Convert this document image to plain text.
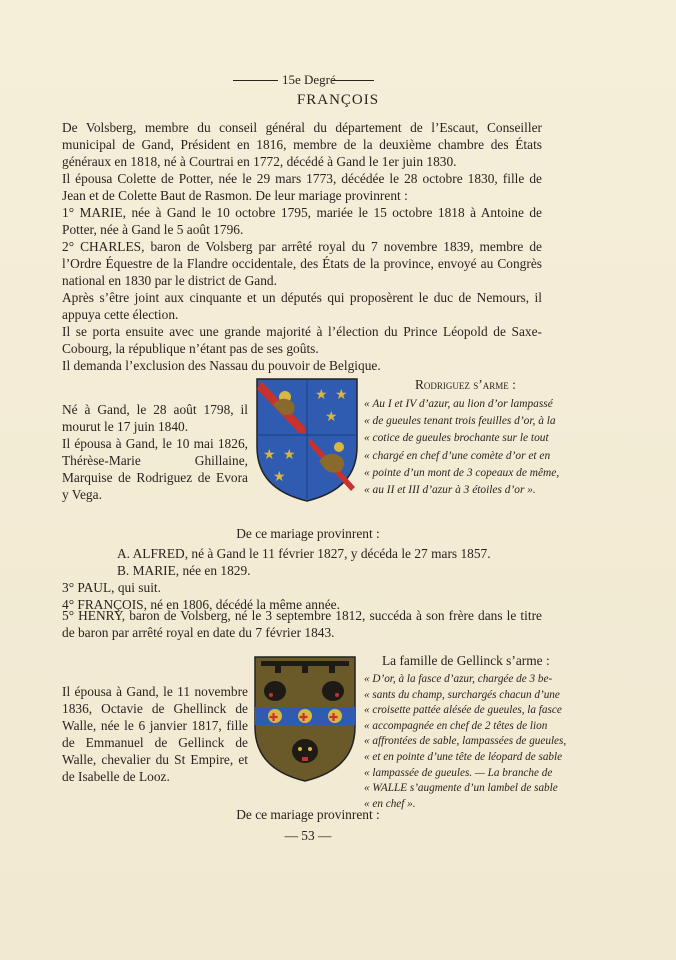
15e Degré
FRANÇOIS
De Volsberg, membre du conseil général du département de l’Escaut, Conseiller municipal de Gand, Président en 1816, membre de la deuxième chambre des États généraux en 1818, né à Courtrai en 1772, décédé à Gand le 1er juin 1830.
Il épousa Colette de Potter, née le 29 mars 1773, décédée le 28 octobre 1830, fille de Jean et de Colette Baut de Rasmon. De leur mariage provinrent :
1° MARIE, née à Gand le 10 octobre 1795, mariée le 15 octobre 1818 à Antoine de Potter, née à Gand le 5 août 1796.
2° CHARLES, baron de Volsberg par arrêté royal du 7 novembre 1839, membre de l’Ordre Équestre de la Flandre occidentale, des États de la province, envoyé au Congrès national en 1830 par le district de Gand.
Après s’être joint aux cinquante et un députés qui proposèrent le duc de Nemours, il appuya cette élection.
Il se porta ensuite avec une grande majorité à l’élection du Prince Léopold de Saxe-Cobourg, la république n’étant pas de ses goûts.
Il demanda l’exclusion des Nassau du pouvoir de Belgique.
Né à Gand, le 28 août 1798, il mourut le 17 juin 1840.
Il épousa à Gand, le 10 mai 1826, Thérèse-Marie Ghillaine, Marquise de Rodriguez de Evora y Vega.
★ ★
★
★ ★
★
Rodriguez s’arme :
« Au I et IV d’azur, au lion d’or lampassé
« de gueules tenant trois feuilles d’or, à la
« cotice de gueules brochante sur le tout
« chargé en chef d’une comète d’or et en
« pointe d’un mont de 3 copeaux de même,
« au II et III d’azur à 3 étoiles d’or ».
De ce mariage provinrent :
A. ALFRED, né à Gand le 11 février 1827, y décéda le 27 mars 1857.
B. MARIE, née en 1829.
3° PAUL, qui suit.
4° FRANÇOIS, né en 1806, décédé la même année.
5° HENRY, baron de Volsberg, né le 3 septembre 1812, succéda à son frère dans le titre de baron par arrêté royal en date du 7 février 1843.
Il épousa à Gand, le 11 novembre 1836, Octavie de Ghellinck de Walle, née le 6 janvier 1817, fille de Emmanuel de Gellinck de Walle, chevalier du St Empire, et de Isabelle de Looz.
✚ ✚ ✚
La famille de Gellinck s’arme :
« D’or, à la fasce d’azur, chargée de 3 be-
« sants du champ, surchargés chacun d’une
« croisette pattée alésée de gueules, la fasce
« accompagnée en chef de 2 têtes de lion
« affrontées de sable, lampassées de gueules,
« et en pointe d’une tête de léopard de sable
« lampassée de gueules. — La branche de
« WALLE s’augmente d’un lambel de sable
« en chef ».
De ce mariage provinrent :
— 53 —
